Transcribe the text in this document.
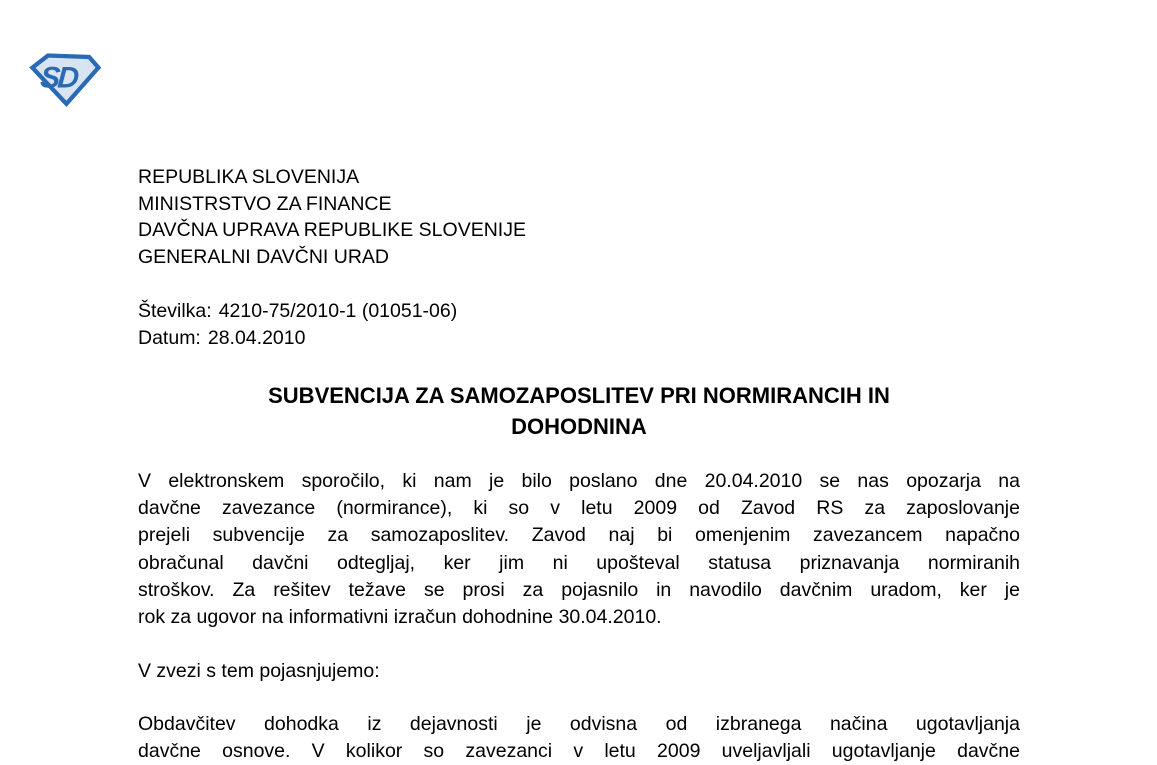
SD
REPUBLIKA SLOVENIJA
MINISTRSTVO ZA FINANCE
DAVČNA UPRAVA REPUBLIKE SLOVENIJE
GENERALNI DAVČNI URAD
Številka: 4210-75/2010-1 (01051-06)
Datum: 28.04.2010
SUBVENCIJA ZA SAMOZAPOSLITEV PRI NORMIRANCIH IN
DOHODNINA
V elektronskem sporočilo, ki nam je bilo poslano dne 20.04.2010 se nas opozarja na
davčne zavezance (normirance), ki so v letu 2009 od Zavod RS za zaposlovanje
prejeli subvencije za samozaposlitev. Zavod naj bi omenjenim zavezancem napačno
obračunal davčni odtegljaj, ker jim ni upošteval statusa priznavanja normiranih
stroškov. Za rešitev težave se prosi za pojasnilo in navodilo davčnim uradom, ker je
rok za ugovor na informativni izračun dohodnine 30.04.2010.
V zvezi s tem pojasnjujemo:
Obdavčitev dohodka iz dejavnosti je odvisna od izbranega načina ugotavljanja
davčne osnove. V kolikor so zavezanci v letu 2009 uveljavljali ugotavljanje davčne
